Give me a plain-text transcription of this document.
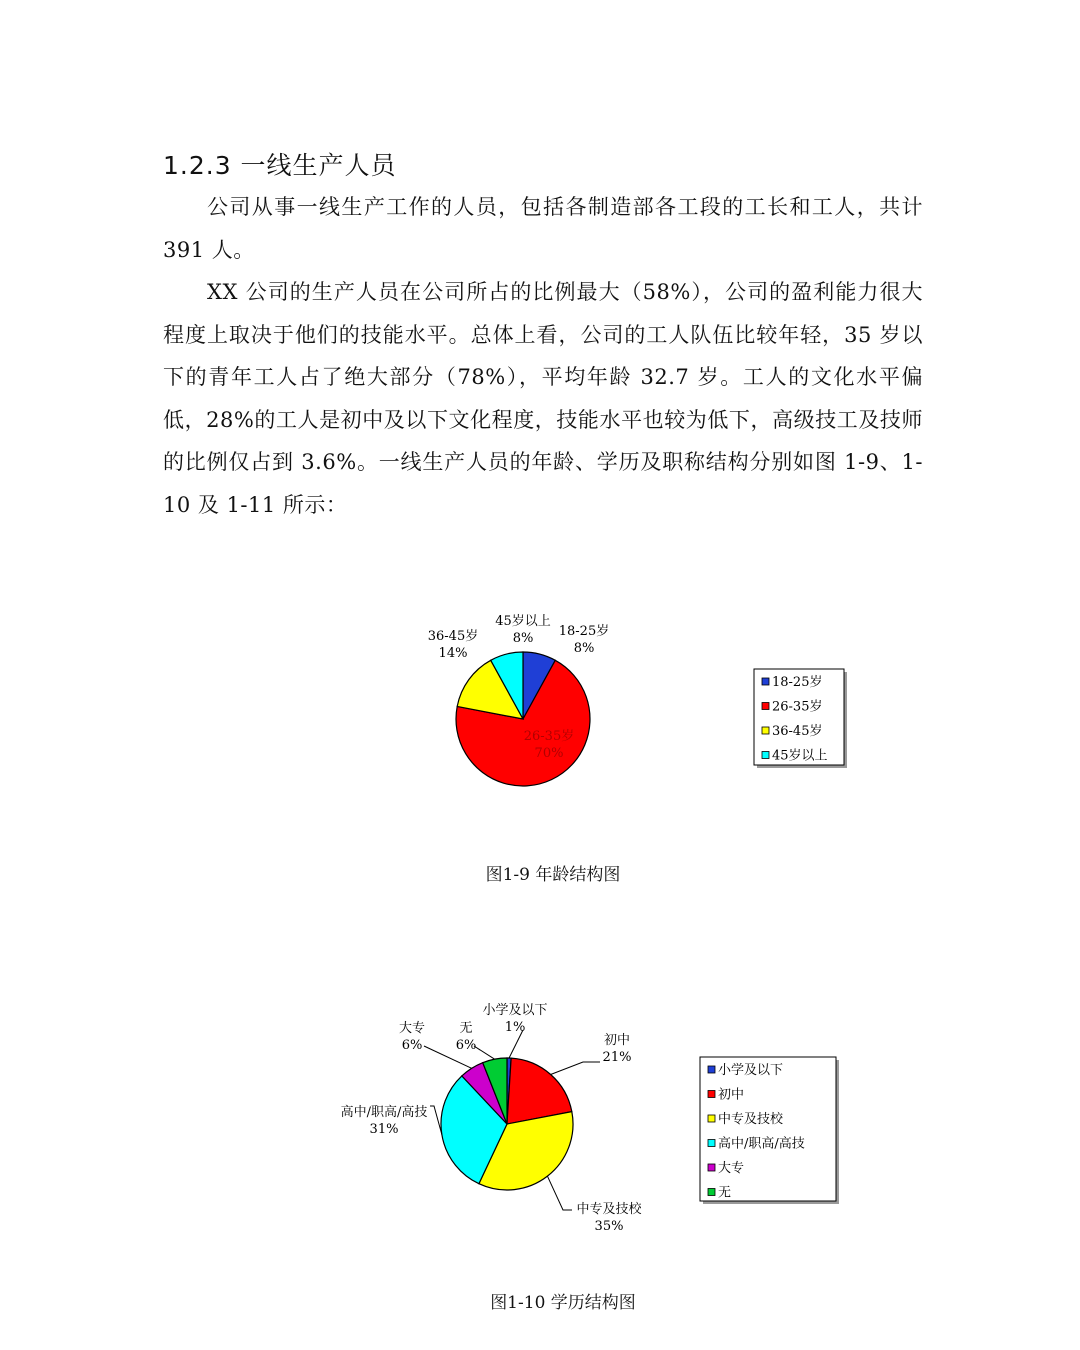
1.2.3 一线生产人员

公司从事一线生产工作的人员，包括各制造部各工段的工长和工人，共计 391 人。

XX 公司的生产人员在公司所占的比例最大（58%），公司的盈利能力很大程度上取决于他们的技能水平。总体上看，公司的工人队伍比较年轻，35 岁以下的青年工人占了绝大部分（78%），平均年龄 32.7 岁。工人的文化水平偏低，28%的工人是初中及以下文化程度，技能水平也较为低下，高级技工及技师的比例仅占到 3.6%。一线生产人员的年龄、学历及职称结构分别如图 1-9、1-10 及 1-11 所示：

18-25岁
8%
26-35岁
70%
36-45岁
14%
45岁以上
8%
18-25岁
26-35岁
36-45岁
45岁以上

图1-9 年龄结构图

小学及以下
1%
初中
21%
中专及技校
35%
高中/职高/高技
31%
大专
6%
无
6%
小学及以下
初中
中专及技校
高中/职高/高技
大专
无

图1-10 学历结构图
